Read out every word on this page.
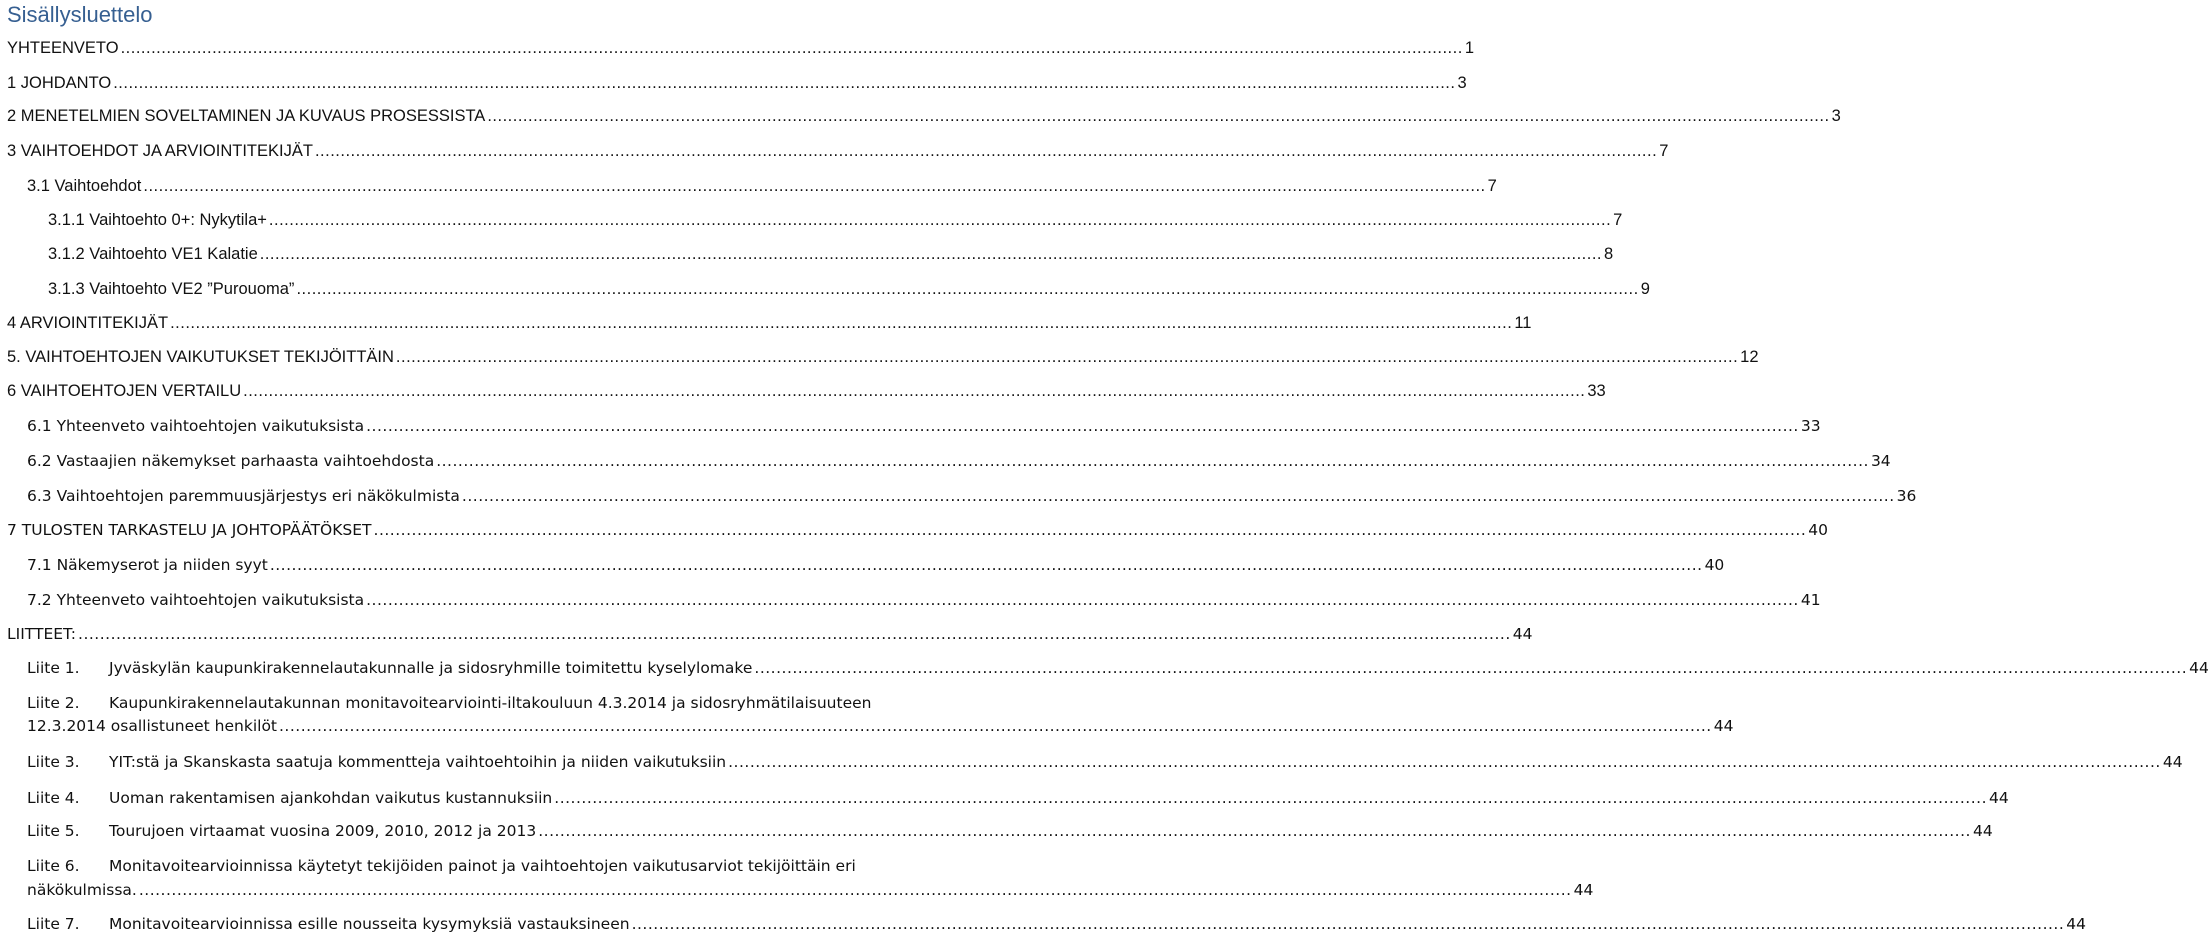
Sisällysluettelo
YHTEENVETO .....	1
1 JOHDANTO .....	3
2 MENETELMIEN SOVELTAMINEN JA KUVAUS PROSESSISTA .....	3
3 VAIHTOEHDOT JA ARVIOINTITEKIJÄT .....	7
3.1 Vaihtoehdot .....	7
3.1.1 Vaihtoehto 0+: Nykytila+ .....	7
3.1.2 Vaihtoehto VE1 Kalatie .....	8
3.1.3 Vaihtoehto VE2 ”Purouoma” .....	9
4 ARVIOINTITEKIJÄT .....	11
5. VAIHTOEHTOJEN VAIKUTUKSET TEKIJÖITTÄIN .....	12
6 VAIHTOEHTOJEN VERTAILU .....	33
6.1 Yhteenveto vaihtoehtojen vaikutuksista .....	33
6.2 Vastaajien näkemykset parhaasta vaihtoehdosta .....	34
6.3 Vaihtoehtojen paremmuusjärjestys eri näkökulmista .....	36
7 TULOSTEN TARKASTELU JA JOHTOPÄÄTÖKSET .....	40
7.1 Näkemyserot ja niiden syyt .....	40
7.2 Yhteenveto vaihtoehtojen vaikutuksista .....	41
LIITTEET: .....	44
Liite 1.	Jyväskylän kaupunkirakennelautakunnalle ja sidosryhmille toimitettu kyselylomake .....	44
Liite 2.	Kaupunkirakennelautakunnan monitavoitearviointi-iltakouluun 4.3.2014 ja sidosryhmätilaisuuteen
12.3.2014 osallistuneet henkilöt .....	44
Liite 3.	YIT:stä ja Skanskasta saatuja kommentteja vaihtoehtoihin ja niiden vaikutuksiin .....	44
Liite 4.	Uoman rakentamisen ajankohdan vaikutus kustannuksiin .....	44
Liite 5.	Tourujoen virtaamat vuosina 2009, 2010, 2012 ja 2013 .....	44
Liite 6.	Monitavoitearvioinnissa käytetyt tekijöiden painot ja vaihtoehtojen vaikutusarviot tekijöittäin eri
näkökulmissa. .....	44
Liite 7.	Monitavoitearvioinnissa esille nousseita kysymyksiä vastauksineen .....	44
